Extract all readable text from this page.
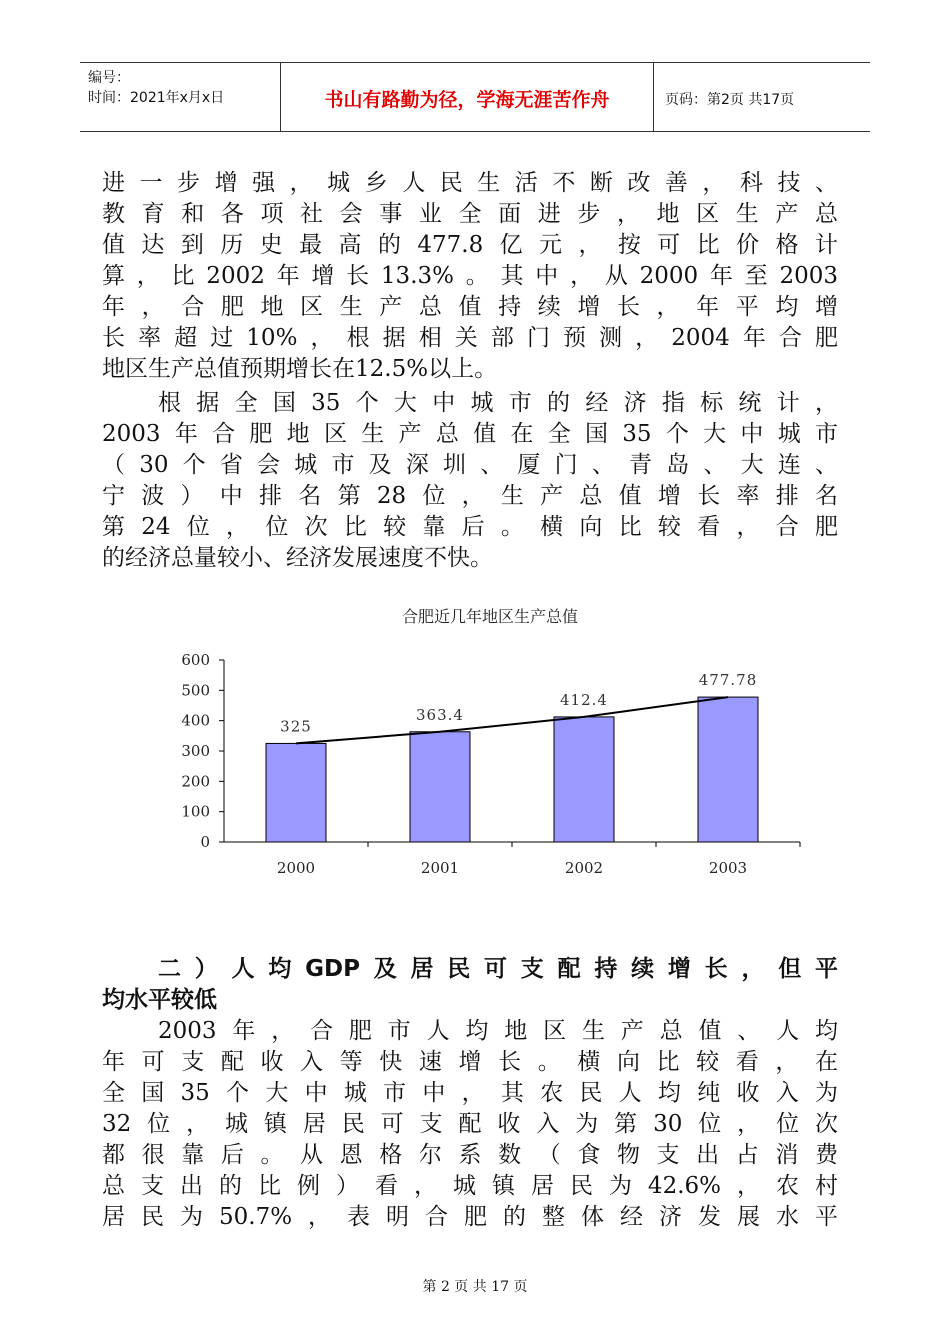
编号：
时间：2021年x月x日	书山有路勤为径，学海无涯苦作舟	页码：第2页 共17页
进一步增强，城乡人民生活不断改善，科技、
教育和各项社会事业全面进步，地区生产总
值达到历史最高的477.8亿元，按可比价格计
算，比2002年增长13.3%。其中，从2000年至2003
年，合肥地区生产总值持续增长，年平均增
长率超过10%，根据相关部门预测，2004年合肥
地区生产总值预期增长在12.5%以上。
根据全国35个大中城市的经济指标统计，
2003年合肥地区生产总值在全国35个大中城市
（30个省会城市及深圳、厦门、青岛、大连、
宁波）中排名第28位，生产总值增长率排名
第24位，位次比较靠后。横向比较看，合肥
的经济总量较小、经济发展速度不快。
合肥近几年地区生产总值
0
100
200
300
400
500
600
325
2000
363.4
2001
412.4
2002
477.78
2003
二）人均GDP及居民可支配持续增长，但平
均水平较低
2003年，合肥市人均地区生产总值、人均
年可支配收入等快速增长。横向比较看，在
全国35个大中城市中，其农民人均纯收入为
32位，城镇居民可支配收入为第30位，位次
都很靠后。从恩格尔系数（食物支出占消费
总支出的比例）看，城镇居民为42.6%，农村
居民为50.7%，表明合肥的整体经济发展水平
第 2 页 共 17 页
